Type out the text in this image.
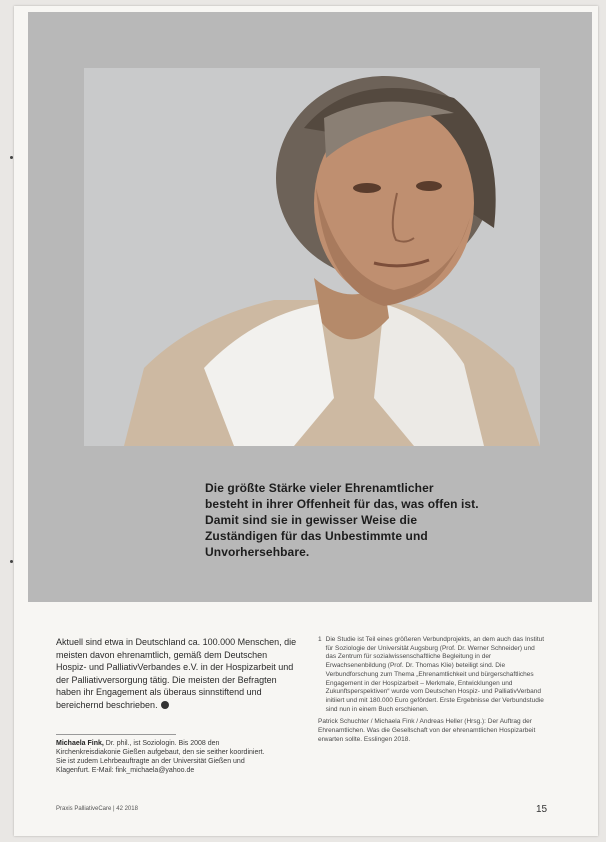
Die größte Stärke vieler Ehrenamtlicher
besteht in ihrer Offenheit für das, was offen ist.
Damit sind sie in gewisser Weise die
Zuständigen für das Unbestimmte und
Unvorhersehbare.

Aktuell sind etwa in Deutschland ca. 100.000 Menschen, die meisten davon ehrenamtlich, gemäß dem Deutschen Hospiz- und PalliativVerbandes e.V. in der Hospizarbeit und der Palliativversorgung tätig. Die meisten der Befragten haben ihr Engagement als überaus sinnstiftend und bereichernd beschrieben.

Michaela Fink, Dr. phil., ist Soziologin. Bis 2008 den Kirchenkreisdiakonie Gießen aufgebaut, den sie seither koordiniert. Sie ist zudem Lehrbeauftragte an der Universität Gießen und Klagenfurt. E-Mail: fink_michaela@yahoo.de

1 Die Studie ist Teil eines größeren Verbundprojekts, an dem auch das Institut für Soziologie der Universität Augsburg (Prof. Dr. Werner Schneider) und das Zentrum für sozialwissenschaftliche Begleitung in der Erwachsenenbildung (Prof. Dr. Thomas Klie) beteiligt sind. Die Verbundforschung zum Thema „Ehrenamtlichkeit und bürgerschaftliches Engagement in der Hospizarbeit – Merkmale, Entwicklungen und Zukunftsperspektiven“ wurde vom Deutschen Hospiz- und PalliativVerband initiiert und mit 180.000 Euro gefördert. Erste Ergebnisse der Verbundstudie sind nun in einem Buch erschienen.

Patrick Schuchter / Michaela Fink / Andreas Heller (Hrsg.): Der Auftrag der Ehrenamtlichen. Was die Gesellschaft von der ehrenamtlichen Hospizarbeit erwarten sollte. Esslingen 2018.

Praxis PalliativeCare | 42 2018	15
